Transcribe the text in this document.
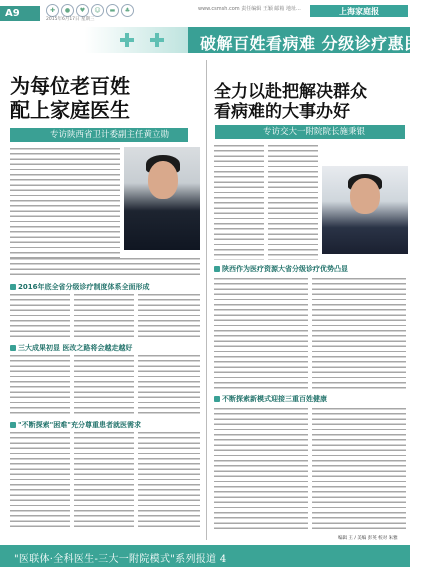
A9	✚	●	♥	☺	▬	♣
2015年6月17日 星期三
www.csmsh.com 责任编辑 王颖 邮箱 地址...	上海家庭报
破解百姓看病难 分级诊疗惠民生
为每位老百姓
配上家庭医生
专访陕西省卫计委副主任黄立勋
2016年底全省分级诊疗制度体系全面形成
三大成果初显 医改之路将会越走越好
"不断探索"困难"充分尊重患者就医需求
全力以赴把解决群众
看病难的大事办好
专访交大一附院院长施秉银
陕西作为医疗资源大省分级诊疗优势凸显
不断探索新模式迎接三重百姓健康
编辑 王 / 美编 彭英 校对 朱雅
"医联体·全科医生-三大一附院模式"系列报道 4
